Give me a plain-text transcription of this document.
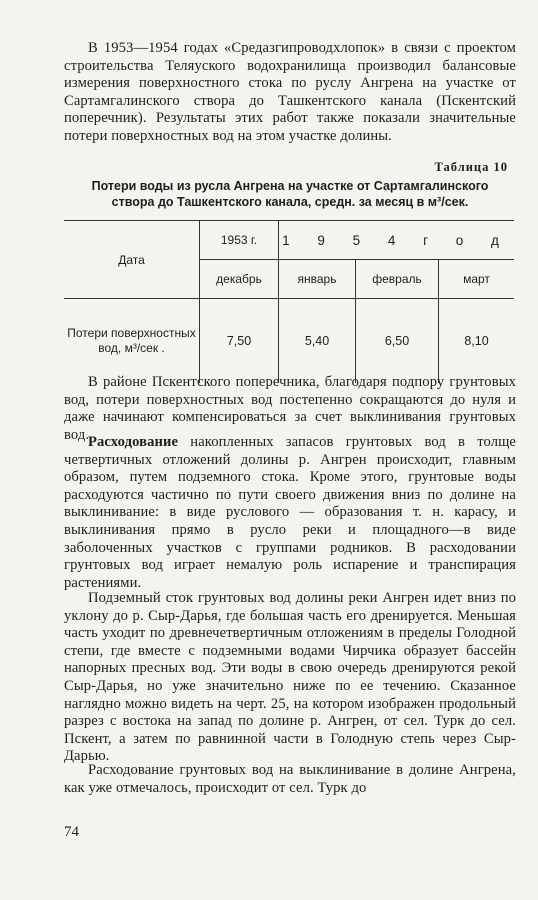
В 1953—1954 годах «Средазгипроводхлопок» в связи с проектом строительства Теляуского водохранилища производил балансовые измерения поверхностного стока по руслу Ангрена на участке от Сартамгалинского створа до Ташкентского канала (Пскентский поперечник). Результаты этих работ также показали значительные потери поверхностных вод на этом участке долины.

Таблица 10
Потери воды из русла Ангрена на участке от Сартамгалинского створа до Ташкентского канала, средн. за месяц в м³/сек.
Дата	1953 г.	1 9 5 4 г о д		
	декабрь	январь	февраль	март
Потери поверхностных вод, м³/сек .	7,50	5,40	6,50	8,10

В районе Пскентского поперечника, благодаря подпору грунтовых вод, потери поверхностных вод постепенно сокращаются до нуля и даже начинают компенсироваться за счет выклинивания грунтовых вод.

Расходование накопленных запасов грунтовых вод в толще четвертичных отложений долины р. Ангрен происходит, главным образом, путем подземного стока. Кроме этого, грунтовые воды расходуются частично по пути своего движения вниз по долине на выклинивание: в виде руслового — образования т. н. карасу, и выклинивания прямо в русло реки и площадного—в виде заболоченных участков с группами родников. В расходовании грунтовых вод играет немалую роль испарение и транспирация растениями.

Подземный сток грунтовых вод долины реки Ангрен идет вниз по уклону до р. Сыр-Дарья, где большая часть его дренируется. Меньшая часть уходит по древнечетвертичным отложениям в пределы Голодной степи, где вместе с подземными водами Чирчика образует бассейн напорных пресных вод. Эти воды в свою очередь дренируются рекой Сыр-Дарья, но уже значительно ниже по ее течению. Сказанное наглядно можно видеть на черт. 25, на котором изображен продольный разрез с востока на запад по долине р. Ангрен, от сел. Турк до сел. Пскент, а затем по равнинной части в Голодную степь через Сыр-Дарью.

Расходование грунтовых вод на выклинивание в долине Ангрена, как уже отмечалось, происходит от сел. Турк до

74
